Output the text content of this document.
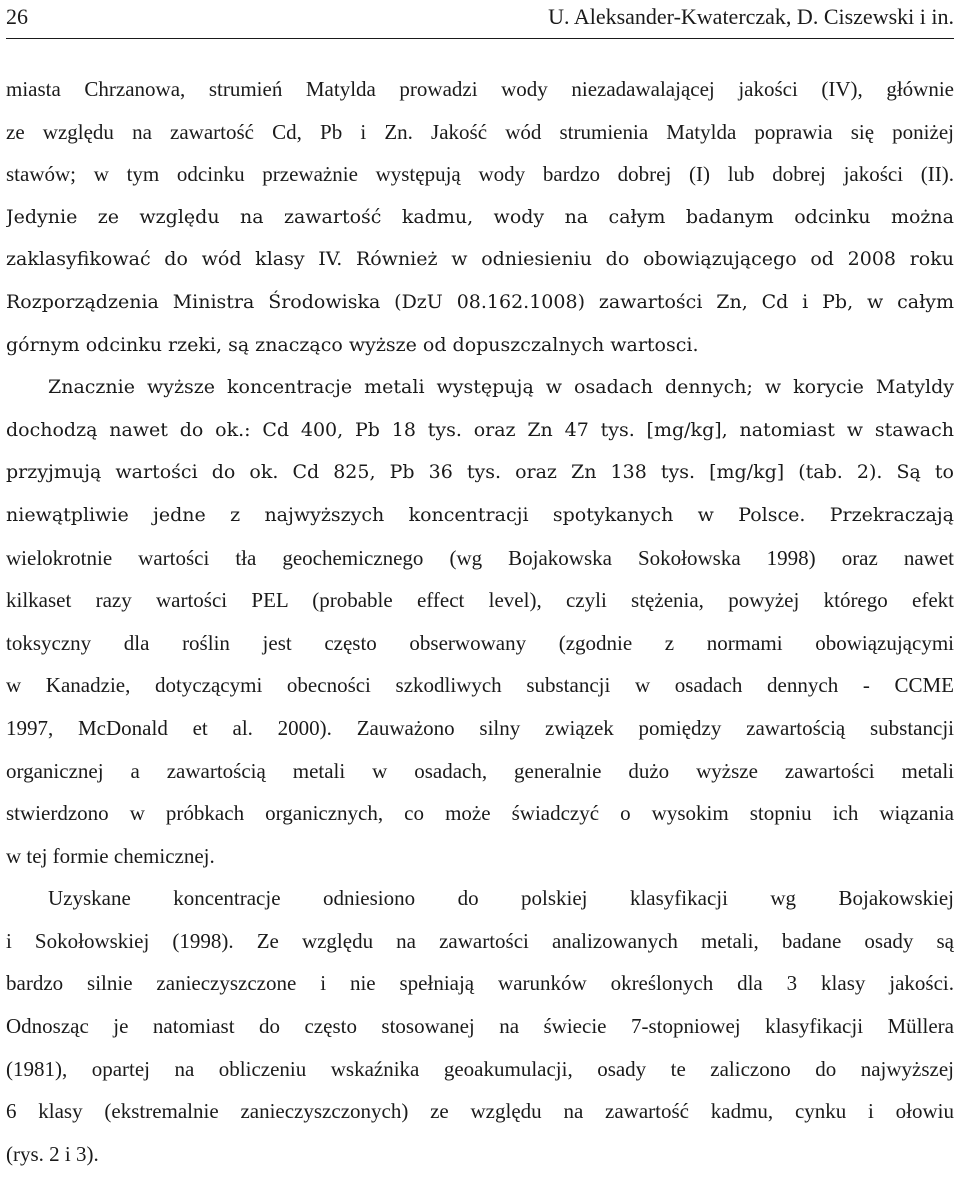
26	U. Aleksander-Kwaterczak, D. Ciszewski i in.
miasta Chrzanowa, strumień Matylda prowadzi wody niezadawalającej jakości (IV), głównie
ze względu na zawartość Cd, Pb i Zn. Jakość wód strumienia Matylda poprawia się poniżej
stawów; w tym odcinku przeważnie występują wody bardzo dobrej (I) lub dobrej jakości (II).
Jedynie ze względu na zawartość kadmu, wody na całym badanym odcinku można
zaklasyfikować do wód klasy IV. Również w odniesieniu do obowiązującego od 2008 roku
Rozporządzenia Ministra Środowiska (DzU 08.162.1008) zawartości Zn, Cd i Pb, w całym
górnym odcinku rzeki, są znacząco wyższe od dopuszczalnych wartosci.
Znacznie wyższe koncentracje metali występują w osadach dennych; w korycie Matyldy
dochodzą nawet do ok.: Cd 400, Pb 18 tys. oraz Zn 47 tys. [mg/kg], natomiast w stawach
przyjmują wartości do ok. Cd 825, Pb 36 tys. oraz Zn 138 tys. [mg/kg] (tab. 2). Są to
niewątpliwie jedne z najwyższych koncentracji spotykanych w Polsce. Przekraczają
wielokrotnie wartości tła geochemicznego (wg Bojakowska Sokołowska 1998) oraz nawet
kilkaset razy wartości PEL (probable effect level), czyli stężenia, powyżej którego efekt
toksyczny dla roślin jest często obserwowany (zgodnie z normami obowiązującymi
w Kanadzie, dotyczącymi obecności szkodliwych substancji w osadach dennych - CCME
1997, McDonald et al. 2000). Zauważono silny związek pomiędzy zawartością substancji
organicznej a zawartością metali w osadach, generalnie dużo wyższe zawartości metali
stwierdzono w próbkach organicznych, co może świadczyć o wysokim stopniu ich wiązania
w tej formie chemicznej.
Uzyskane koncentracje odniesiono do polskiej klasyfikacji wg Bojakowskiej
i Sokołowskiej (1998). Ze względu na zawartości analizowanych metali, badane osady są
bardzo silnie zanieczyszczone i nie spełniają warunków określonych dla 3 klasy jakości.
Odnosząc je natomiast do często stosowanej na świecie 7-stopniowej klasyfikacji Müllera
(1981), opartej na obliczeniu wskaźnika geoakumulacji, osady te zaliczono do najwyższej
6 klasy (ekstremalnie zanieczyszczonych) ze względu na zawartość kadmu, cynku i ołowiu
(rys. 2 i 3).
